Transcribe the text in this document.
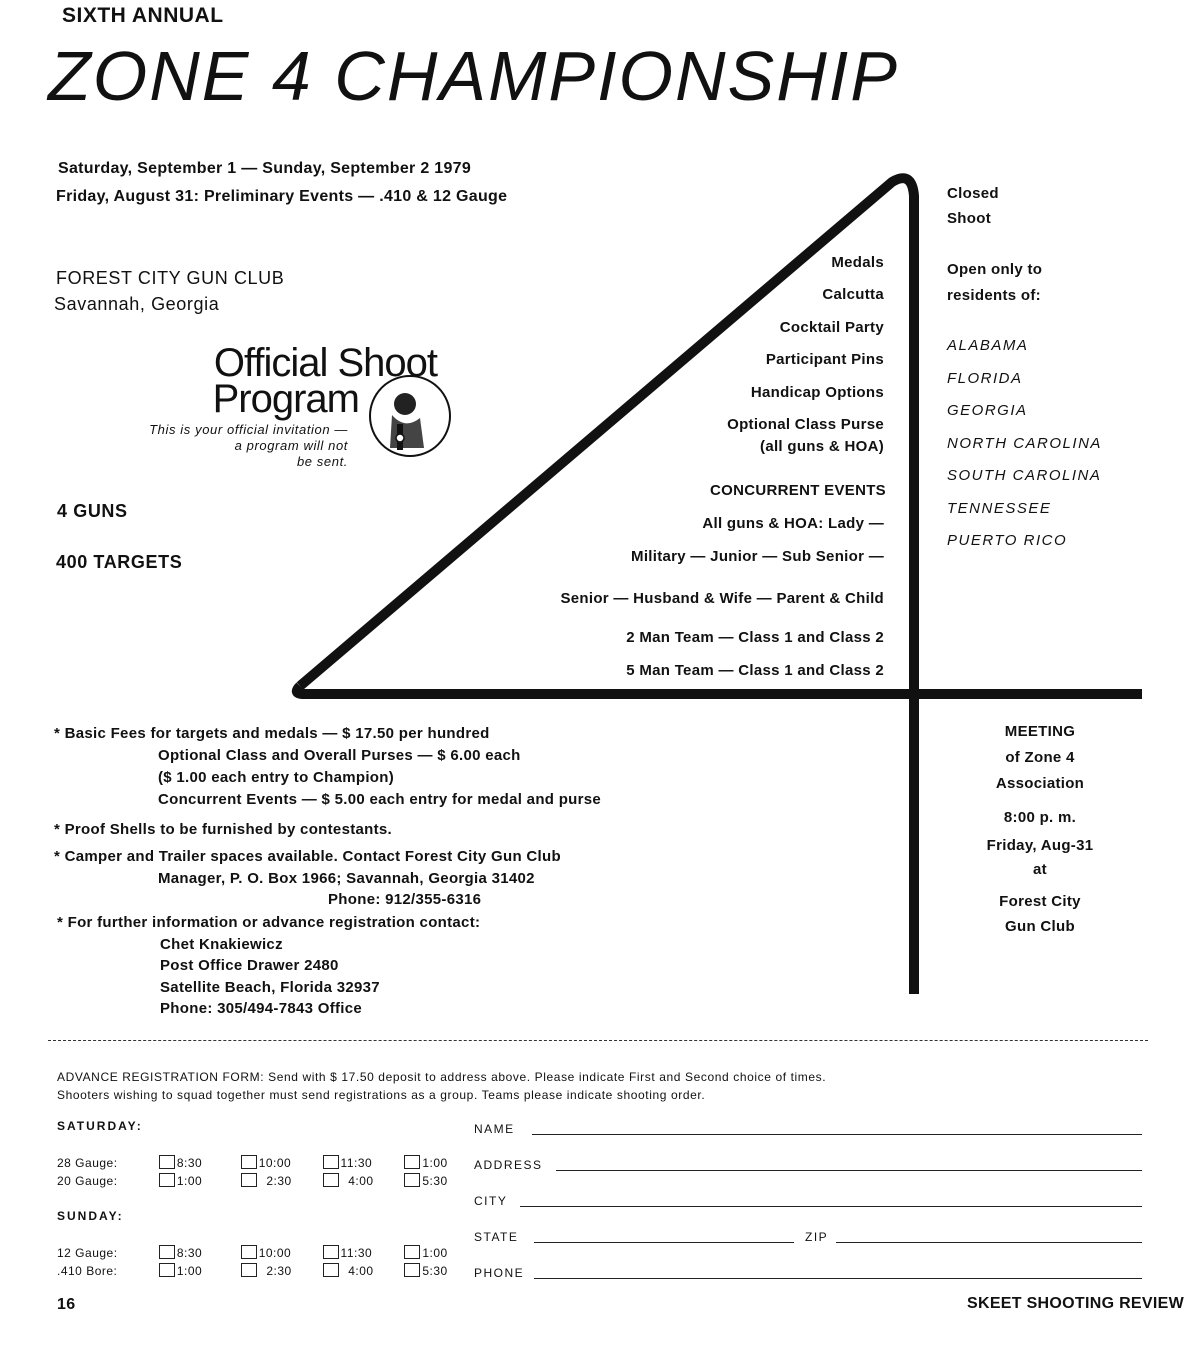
SIXTH ANNUAL
ZONE 4 CHAMPIONSHIP
Saturday, September 1 — Sunday, September 2 1979
Friday, August 31: Preliminary Events — .410 & 12 Gauge
FOREST CITY GUN CLUB
Savannah, Georgia
Official Shoot
Program
This is your official invitation —
a program will not
be sent.
4 GUNS
400 TARGETS
Medals
Calcutta
Cocktail Party
Participant Pins
Handicap Options
Optional Class Purse
(all guns & HOA)
CONCURRENT EVENTS
All guns & HOA: Lady —
Military — Junior — Sub Senior —
Senior — Husband & Wife — Parent & Child
2 Man Team — Class 1 and Class 2
5 Man Team — Class 1 and Class 2
Closed
Shoot
Open only to
residents of:
ALABAMA
FLORIDA
GEORGIA
NORTH CAROLINA
SOUTH CAROLINA
TENNESSEE
PUERTO RICO
MEETING
of Zone 4
Association
8:00 p. m.
Friday, Aug-31
at
Forest City
Gun Club
* Basic Fees for targets and medals — $ 17.50 per hundred
Optional Class and Overall Purses — $ 6.00 each
($ 1.00 each entry to Champion)
Concurrent Events — $ 5.00 each entry for medal and purse
* Proof Shells to be furnished by contestants.
* Camper and Trailer spaces available. Contact Forest City Gun Club
Manager, P. O. Box 1966; Savannah, Georgia 31402
Phone: 912/355-6316
* For further information or advance registration contact:
Chet Knakiewicz
Post Office Drawer 2480
Satellite Beach, Florida 32937
Phone: 305/494-7843 Office
ADVANCE REGISTRATION FORM: Send with $ 17.50 deposit to address above. Please indicate First and Second choice of times.
Shooters wishing to squad together must send registrations as a group. Teams please indicate shooting order.
SATURDAY:
SUNDAY:
28 Gauge:	8:30	10:00	11:30	1:00
20 Gauge:	1:00	2:30	4:00	5:30
12 Gauge:	8:30	10:00	11:30	1:00
.410 Bore:	1:00	2:30	4:00	5:30
NAME
ADDRESS
CITY
STATE	ZIP
PHONE
16	SKEET SHOOTING REVIEW
